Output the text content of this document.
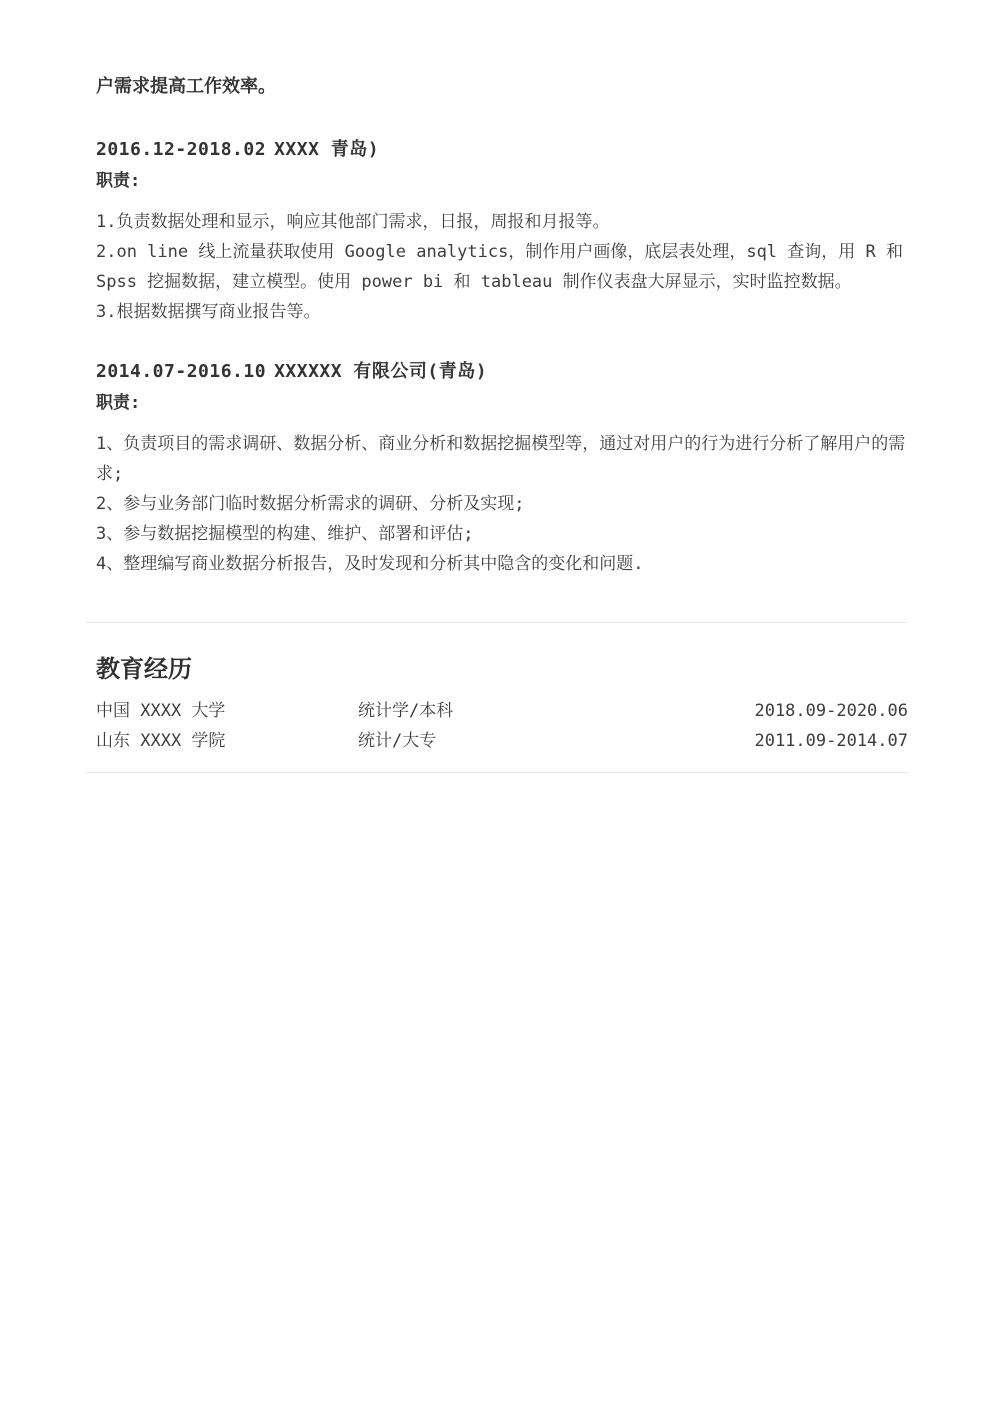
户需求提高工作效率。

2016.12-2018.02 XXXX 青岛)
职责:
1.负责数据处理和显示，响应其他部门需求，日报，周报和月报等。
2.on line 线上流量获取使用 Google analytics，制作用户画像，底层表处理，sql 查询，用 R 和 Spss 挖掘数据，建立模型。使用 power bi 和 tableau 制作仪表盘大屏显示，实时监控数据。
3.根据数据撰写商业报告等。
2014.07-2016.10 XXXXXX 有限公司(青岛)
职责:
1、负责项目的需求调研、数据分析、商业分析和数据挖掘模型等，通过对用户的行为进行分析了解用户的需求;
2、参与业务部门临时数据分析需求的调研、分析及实现;
3、参与数据挖掘模型的构建、维护、部署和评估;
4、整理编写商业数据分析报告，及时发现和分析其中隐含的变化和问题.
教育经历
中国 XXXX 大学	统计学/本科	2018.09-2020.06
山东 XXXX 学院	统计/大专	2011.09-2014.07
